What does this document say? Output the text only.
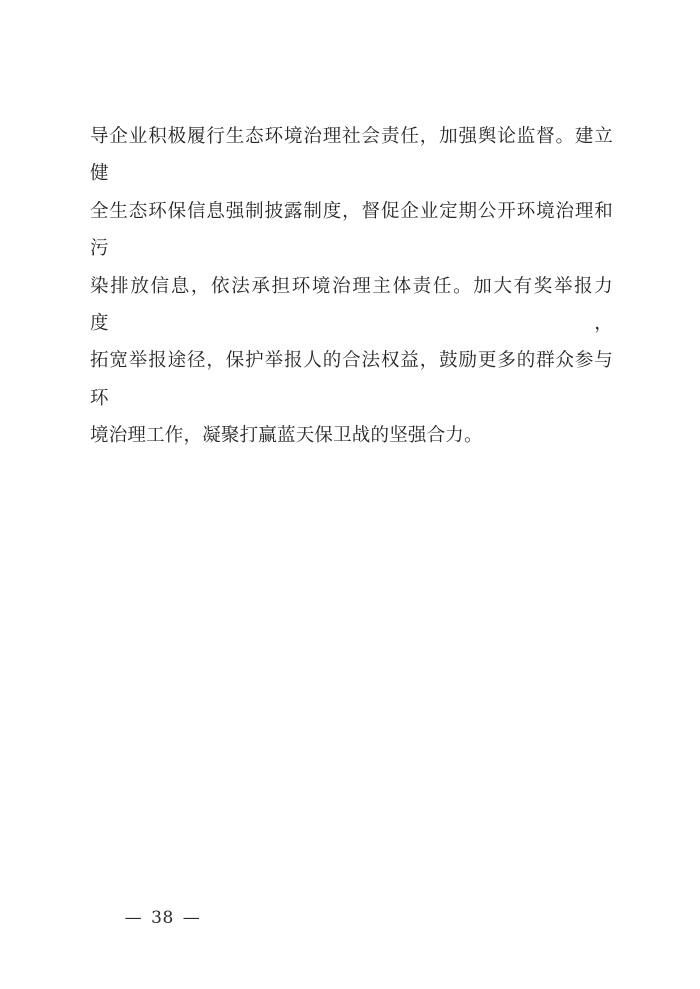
导企业积极履行生态环境治理社会责任，加强舆论监督。建立健
全生态环保信息强制披露制度，督促企业定期公开环境治理和污
染排放信息，依法承担环境治理主体责任。加大有奖举报力度，
拓宽举报途径，保护举报人的合法权益，鼓励更多的群众参与环
境治理工作，凝聚打赢蓝天保卫战的坚强合力。

— 38 —
